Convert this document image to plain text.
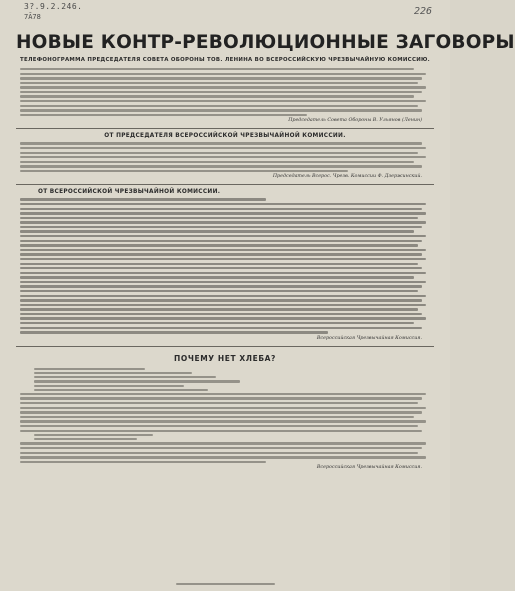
3?.9.2.246.
7Ã78	226
НОВЫЕ КОНТР-РЕВОЛЮЦИОННЫЕ ЗАГОВОРЫ
ТЕЛЕФОНОГРАММА ПРЕДСЕДАТЕЛЯ СОВЕТА ОБОРОНЫ ТОВ. ЛЕНИНА ВО ВСЕРОССИЙСКУЮ ЧРЕЗВЫЧАЙНУЮ КОМИССИЮ.
Председатель Совета Обороны В. Ульянов (Ленин)
ОТ ПРЕДСЕДАТЕЛЯ ВСЕРОССИЙСКОЙ ЧРЕЗВЫЧАЙНОЙ КОМИССИИ.
Председатель Всерос. Чрезв. Комиссии Ф. Дзержинский.
ОТ ВСЕРОССИЙСКОЙ ЧРЕЗВЫЧАЙНОЙ КОМИССИИ.
Всероссийская Чрезвычайная Комиссия.
ПОЧЕМУ НЕТ ХЛЕБА?
Всероссийская Чрезвычайная Комиссия.
